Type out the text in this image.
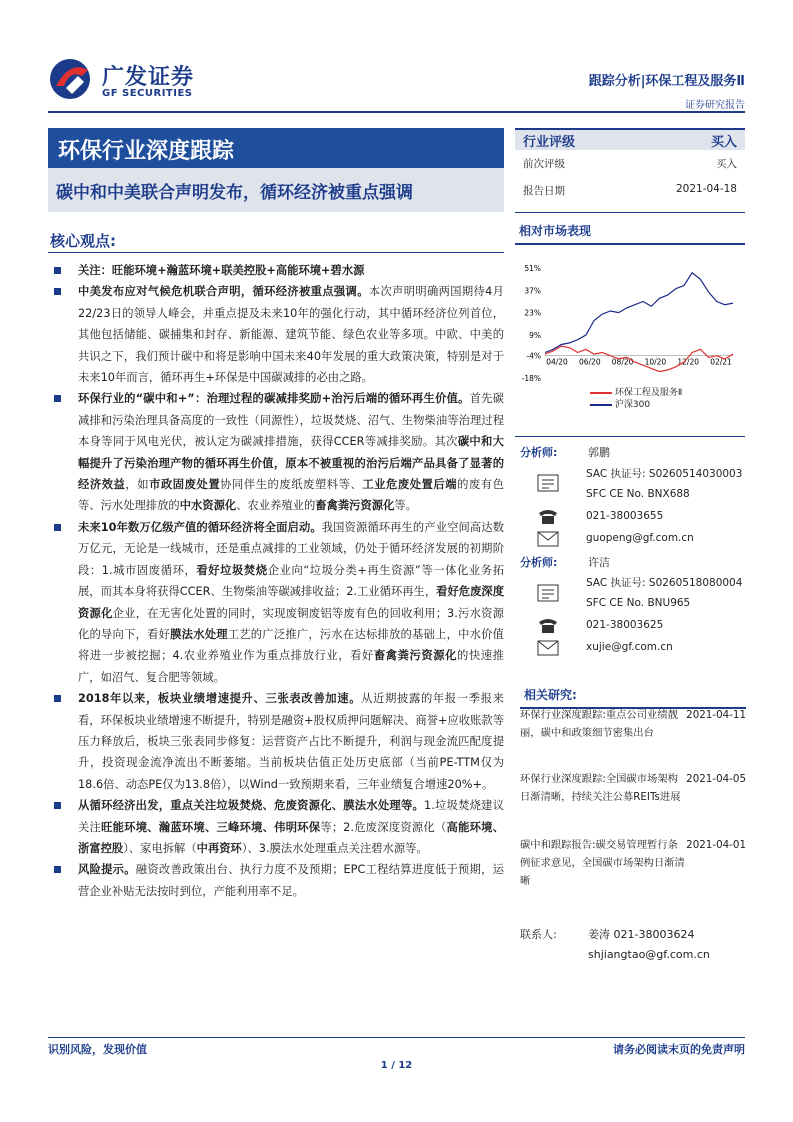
广发证券
GF SECURITIES
跟踪分析|环保工程及服务Ⅱ
证券研究报告
环保行业深度跟踪
碳中和中美联合声明发布，循环经济被重点强调
核心观点:
关注：旺能环境+瀚蓝环境+联美控股+高能环境+碧水源
中美发布应对气候危机联合声明，循环经济被重点强调。本次声明明确两国期待4月22/23日的领导人峰会，并重点提及未来10年的强化行动，其中循环经济位列首位，其他包括储能、碳捕集和封存、新能源、建筑节能、绿色农业等多项。中欧、中美的共识之下，我们预计碳中和将是影响中国未来40年发展的重大政策决策，特别是对于未来10年而言，循环再生+环保是中国碳减排的必由之路。
环保行业的“碳中和+”：治理过程的碳减排奖励+治污后端的循环再生价值。首先碳减排和污染治理具备高度的一致性（同源性），垃圾焚烧、沼气、生物柴油等治理过程本身等同于风电光伏，被认定为碳减排措施，获得CCER等减排奖励。其次碳中和大幅提升了污染治理产物的循环再生价值，原本不被重视的治污后端产品具备了显著的经济效益，如市政固废处置协同伴生的废纸废塑料等、工业危废处置后端的废有色等、污水处理排放的中水资源化、农业养殖业的畜禽粪污资源化等。
未来10年数万亿级产值的循环经济将全面启动。我国资源循环再生的产业空间高达数万亿元，无论是一线城市，还是重点减排的工业领域，仍处于循环经济发展的初期阶段：1.城市固废循环，看好垃圾焚烧企业向“垃圾分类+再生资源”等一体化业务拓展，而其本身将获得CCER、生物柴油等碳减排收益；2.工业循环再生，看好危废深度资源化企业，在无害化处置的同时，实现废铜废铝等废有色的回收利用；3.污水资源化的导向下，看好膜法水处理工艺的广泛推广，污水在达标排放的基础上，中水价值将进一步被挖掘；4.农业养殖业作为重点排放行业，看好畜禽粪污资源化的快速推广，如沼气、复合肥等领域。
2018年以来，板块业绩增速提升、三张表改善加速。从近期披露的年报一季报来看，环保板块业绩增速不断提升，特别是融资+股权质押问题解决、商誉+应收账款等压力释放后，板块三张表同步修复：运营资产占比不断提升，利润与现金流匹配度提升，投资现金流净流出不断萎缩。当前板块估值正处历史底部（当前PE-TTM仅为18.6倍、动态PE仅为13.8倍），以Wind一致预期来看，三年业绩复合增速20%+。
从循环经济出发，重点关注垃圾焚烧、危废资源化、膜法水处理等。1.垃圾焚烧建议关注旺能环境、瀚蓝环境、三峰环境、伟明环保等；2.危废深度资源化（高能环境、浙富控股）、家电拆解（中再资环）、3.膜法水处理重点关注碧水源等。
风险提示。融资改善政策出台、执行力度不及预期；EPC工程结算进度低于预期，运营企业补贴无法按时到位，产能利用率不足。
行业评级	买入
前次评级	买入
报告日期	2021-04-18
相对市场表现
51%
37%
23%
9%
-4%
-18%
04/20 06/20 08/20 10/20 12/20 02/21
环保工程及服务Ⅱ
沪深300
分析师:	郭鹏
SAC 执证号: S0260514030003
SFC CE No. BNX688
021-38003655
guopeng@gf.com.cn
分析师:	许洁
SAC 执证号: S0260518080004
SFC CE No. BNU965
021-38003625
xujie@gf.com.cn
相关研究:
环保行业深度跟踪:重点公司业绩靓丽，碳中和政策细节密集出台
2021-04-11
环保行业深度跟踪:全国碳市场架构日渐清晰，持续关注公募REITs进展
2021-04-05
碳中和跟踪报告:碳交易管理暂行条例征求意见，全国碳市场架构日渐清晰
2021-04-01
联系人:	姜涛 021-38003624
shjiangtao@gf.com.cn
识别风险，发现价值	请务必阅读末页的免责声明
1 / 12
